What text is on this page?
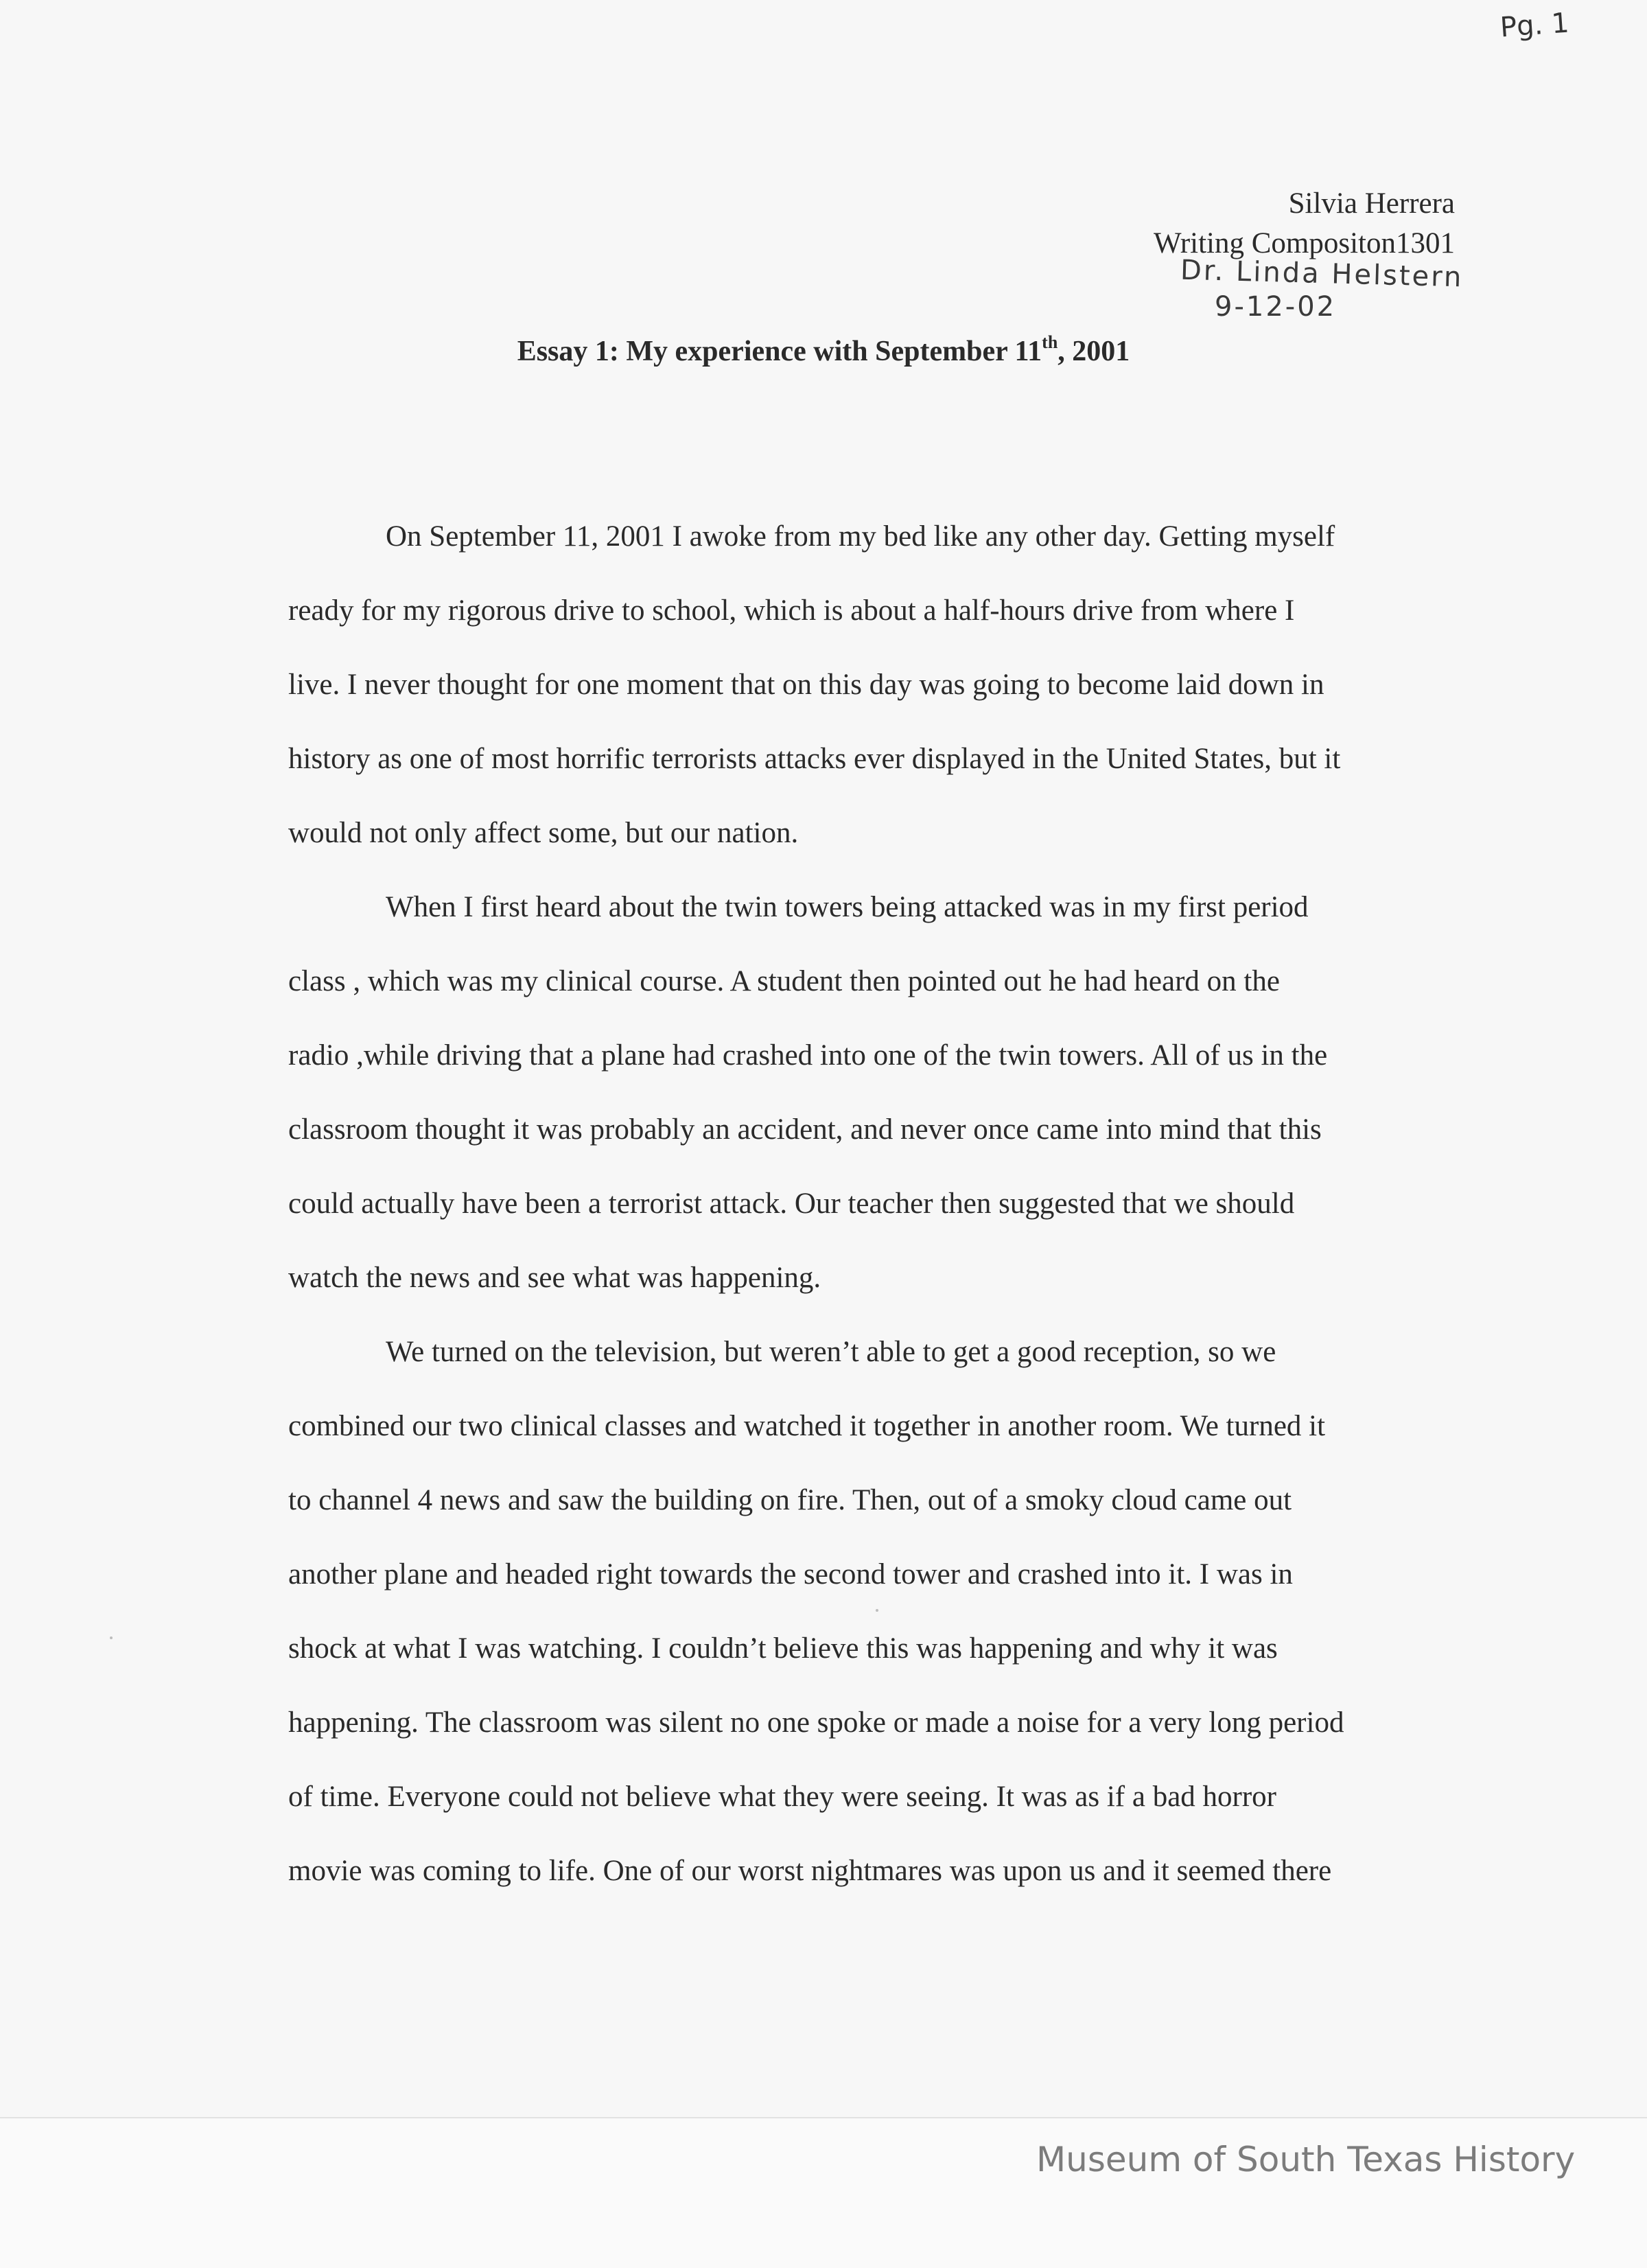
Pg. 1
Silvia Herrera
Writing Compositon1301
Dr. Linda Helstern
9-12-02
Essay 1: My experience with September 11th, 2001
On September 11, 2001 I awoke from my bed like any other day. Getting myself
ready for my rigorous drive to school, which is about a half-hours drive from where I
live. I never thought for one moment that on this day was going to become laid down in
history as one of most horrific terrorists attacks ever displayed in the United States, but it
would not only affect some, but our nation.
When I first heard about the twin towers being attacked was in my first period
class , which was my clinical course. A student then pointed out he had heard on the
radio ,while driving that a plane had crashed into one of the twin towers. All of us in the
classroom thought it was probably an accident, and never once came into mind that this
could actually have been a terrorist attack. Our teacher then suggested that we should
watch the news and see what was happening.
We turned on the television, but weren’t able to get a good reception, so we
combined our two clinical classes and watched it together in another room. We turned it
to channel 4 news and saw the building on fire. Then, out of a smoky cloud came out
another plane and headed right towards the second tower and crashed into it. I was in
shock at what I was watching. I couldn’t believe this was happening and why it was
happening. The classroom was silent no one spoke or made a noise for a very long period
of time. Everyone could not believe what they were seeing. It was as if a bad horror
movie was coming to life. One of our worst nightmares was upon us and it seemed there
Museum of South Texas History
